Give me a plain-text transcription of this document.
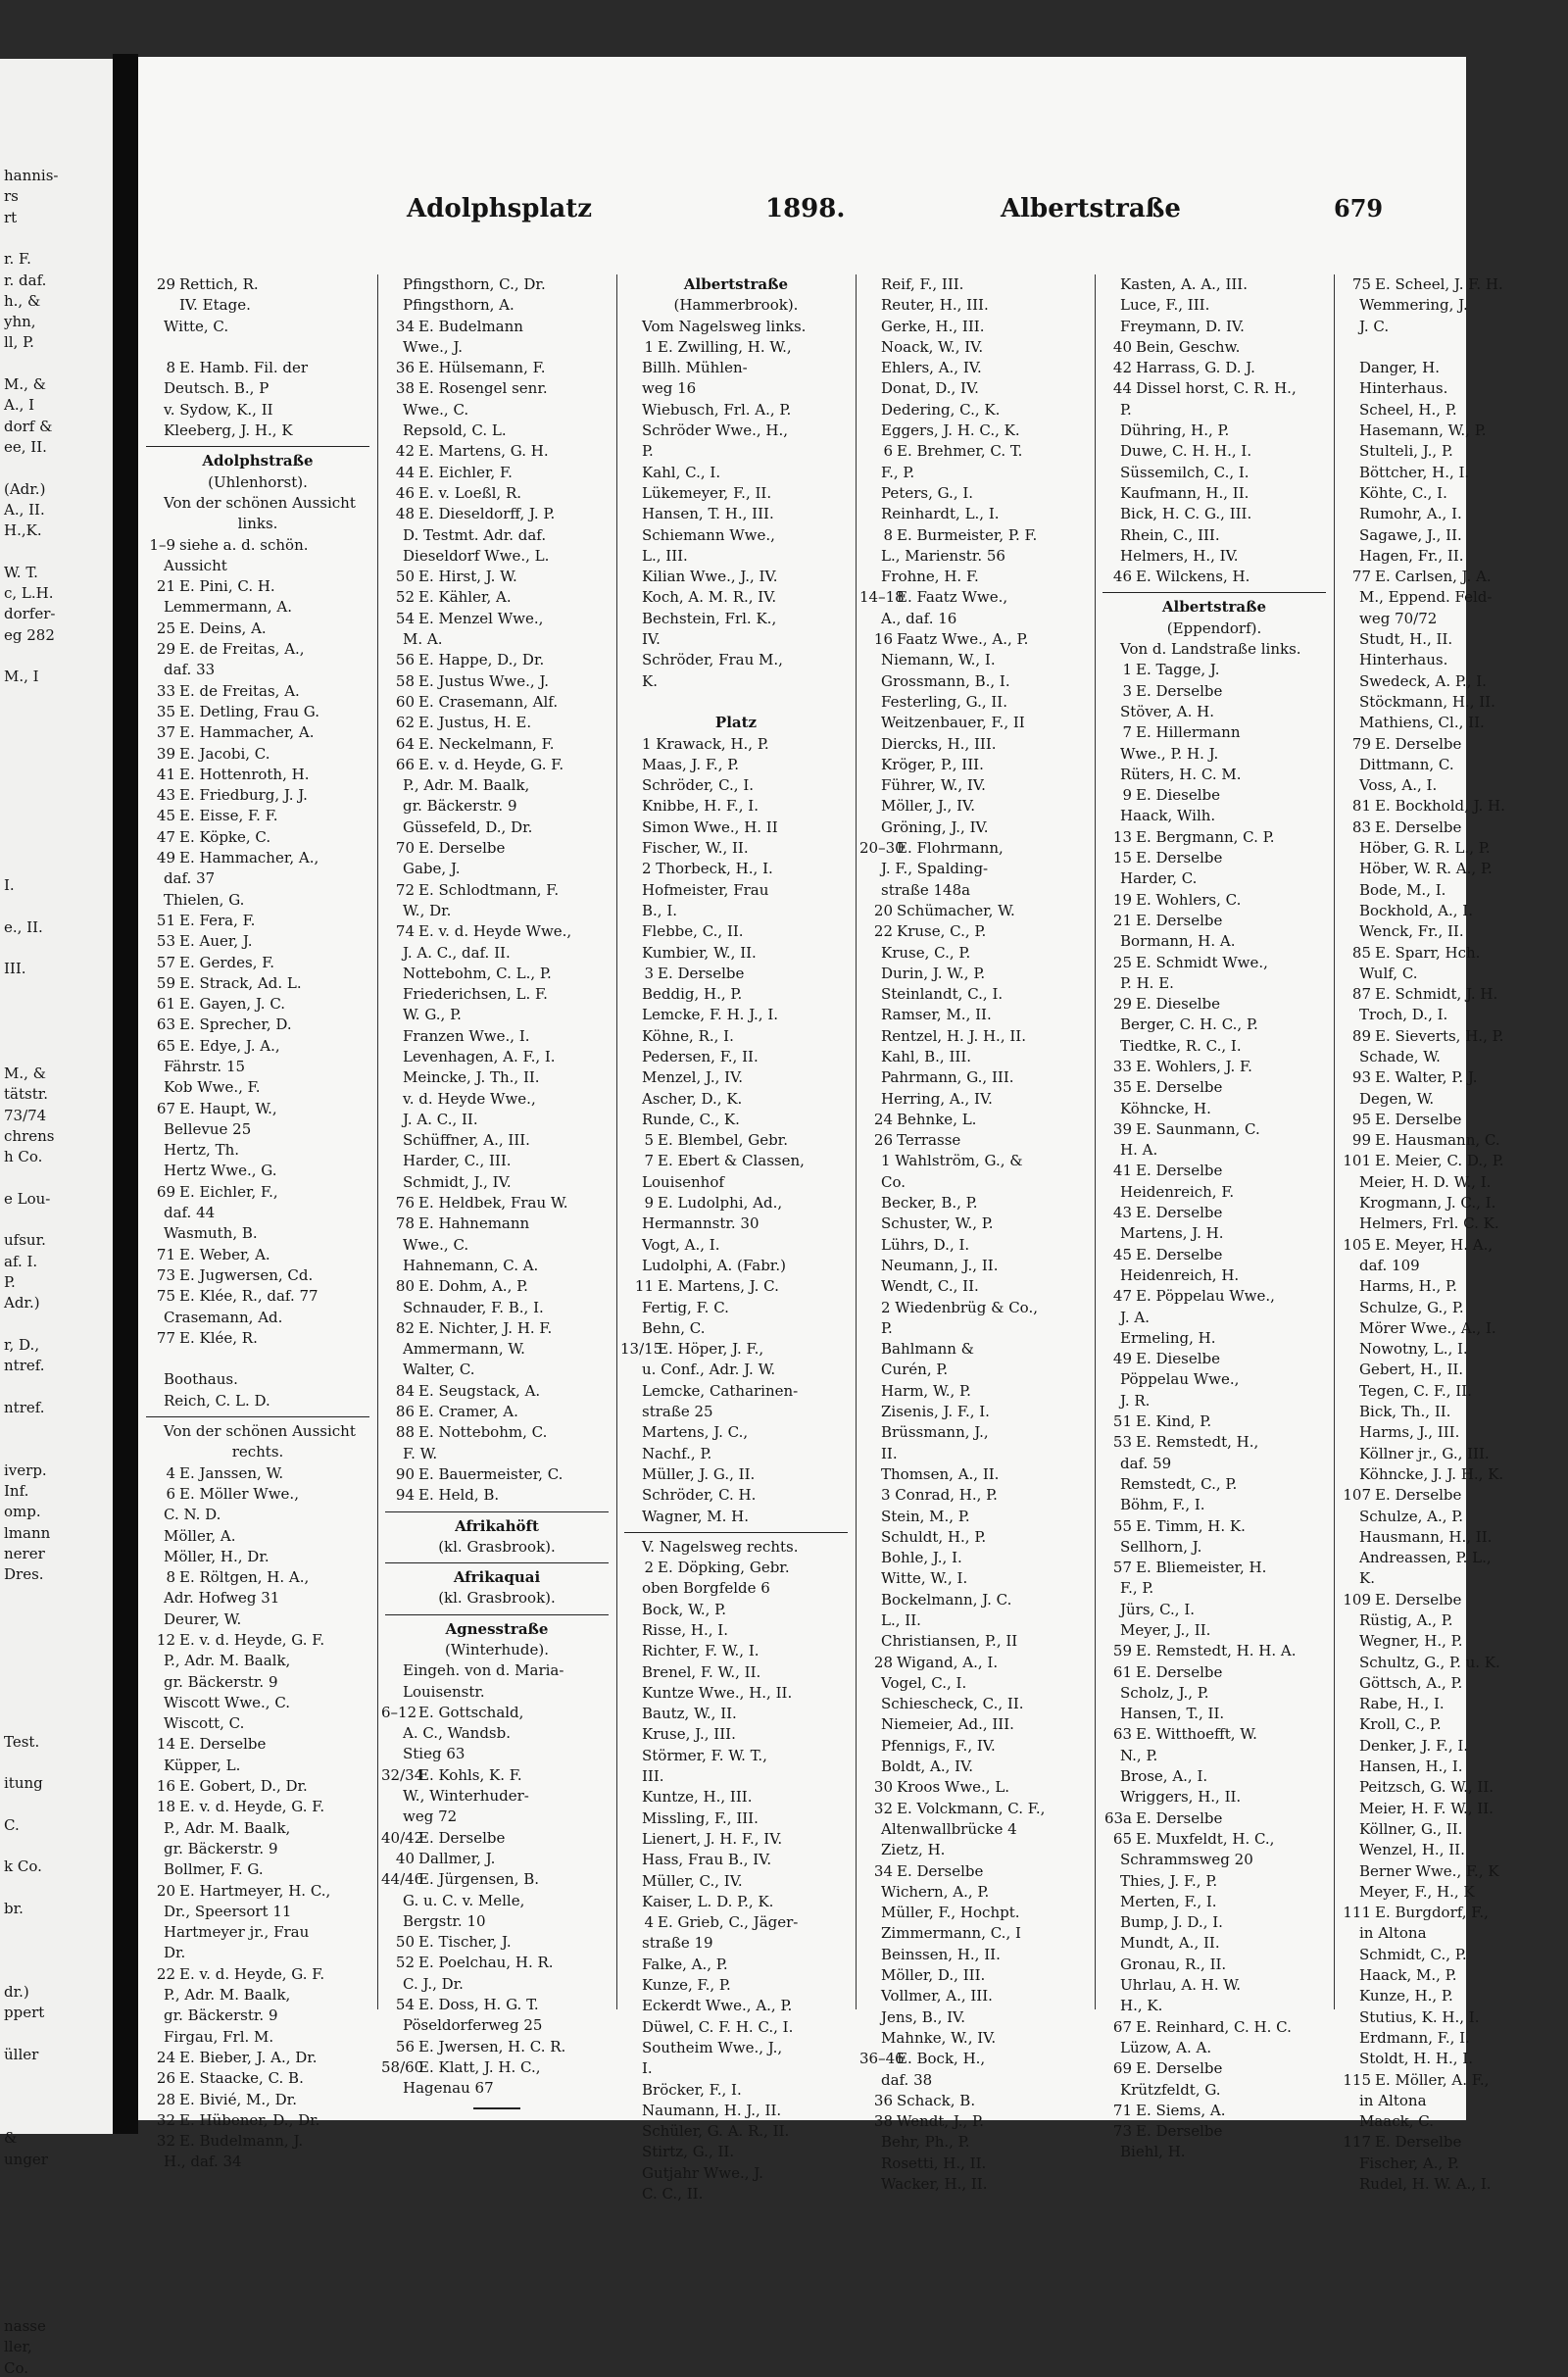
hannis-
rs
rt
r. F.
r. daf.
h., &
yhn,
ll, P.
M., &
A., I
dorf &
ee, II.
(Adr.)
A., II.
H.,K.
W. T.
c, L.H.
dorfer-
eg 282
M., I
I.
e., II.
III.
M., &
tätstr.
73/74
chrens
h Co.
e Lou-
ufsur.
af. I.
P.
Adr.)
r, D.,
ntref.
ntref.
iverp.
Inf.
omp.
lmann
nerer
Dres.
Test.
itung
C.
k Co.
br.
dr.)
ppert
üller
&
unger
nasse
ller,
Co.
Adolphsplatz	1898.	Albertstraße	679
29 Rettich, R.
IV. Etage.
Witte, C.
8 E. Hamb. Fil. der
Deutsch. B., P
v. Sydow, K., II
Kleeberg, J. H., K
Adolphstraße
(Uhlenhorst).
Von der schönen Aussicht
links.
1–9 siehe a. d. schön.
Aussicht
21 E. Pini, C. H.
Lemmermann, A.
25 E. Deins, A.
29 E. de Freitas, A.,
daf. 33
33 E. de Freitas, A.
35 E. Detling, Frau G.
37 E. Hammacher, A.
39 E. Jacobi, C.
41 E. Hottenroth, H.
43 E. Friedburg, J. J.
45 E. Eisse, F. F.
47 E. Köpke, C.
49 E. Hammacher, A.,
daf. 37
Thielen, G.
51 E. Fera, F.
53 E. Auer, J.
57 E. Gerdes, F.
59 E. Strack, Ad. L.
61 E. Gayen, J. C.
63 E. Sprecher, D.
65 E. Edye, J. A.,
Fährstr. 15
Kob Wwe., F.
67 E. Haupt, W.,
Bellevue 25
Hertz, Th.
Hertz Wwe., G.
69 E. Eichler, F.,
daf. 44
Wasmuth, B.
71 E. Weber, A.
73 E. Jugwersen, Cd.
75 E. Klée, R., daf. 77
Crasemann, Ad.
77 E. Klée, R.
Boothaus.
Reich, C. L. D.
Von der schönen Aussicht
rechts.
4 E. Janssen, W.
6 E. Möller Wwe.,
C. N. D.
Möller, A.
Möller, H., Dr.
8 E. Röltgen, H. A.,
Adr. Hofweg 31
Deurer, W.
12 E. v. d. Heyde, G. F.
P., Adr. M. Baalk,
gr. Bäckerstr. 9
Wiscott Wwe., C.
Wiscott, C.
14 E. Derselbe
Küpper, L.
16 E. Gobert, D., Dr.
18 E. v. d. Heyde, G. F.
P., Adr. M. Baalk,
gr. Bäckerstr. 9
Bollmer, F. G.
20 E. Hartmeyer, H. C.,
Dr., Speersort 11
Hartmeyer jr., Frau
Dr.
22 E. v. d. Heyde, G. F.
P., Adr. M. Baalk,
gr. Bäckerstr. 9
Firgau, Frl. M.
24 E. Bieber, J. A., Dr.
26 E. Staacke, C. B.
28 E. Bivié, M., Dr.
32 E. Hübener, D., Dr.
32 E. Budelmann, J.
H., daf. 34
Pfingsthorn, C., Dr.
Pfingsthorn, A.
34 E. Budelmann
Wwe., J.
36 E. Hülsemann, F.
38 E. Rosengel senr.
Wwe., C.
Repsold, C. L.
42 E. Martens, G. H.
44 E. Eichler, F.
46 E. v. Loeßl, R.
48 E. Dieseldorff, J. P.
D. Testmt. Adr. daf.
Dieseldorf Wwe., L.
50 E. Hirst, J. W.
52 E. Kähler, A.
54 E. Menzel Wwe.,
M. A.
56 E. Happe, D., Dr.
58 E. Justus Wwe., J.
60 E. Crasemann, Alf.
62 E. Justus, H. E.
64 E. Neckelmann, F.
66 E. v. d. Heyde, G. F.
P., Adr. M. Baalk,
gr. Bäckerstr. 9
Güssefeld, D., Dr.
70 E. Derselbe
Gabe, J.
72 E. Schlodtmann, F.
W., Dr.
74 E. v. d. Heyde Wwe.,
J. A. C., daf. II.
Nottebohm, C. L., P.
Friederichsen, L. F.
W. G., P.
Franzen Wwe., I.
Levenhagen, A. F., I.
Meincke, J. Th., II.
v. d. Heyde Wwe.,
J. A. C., II.
Schüffner, A., III.
Harder, C., III.
Schmidt, J., IV.
76 E. Heldbek, Frau W.
78 E. Hahnemann
Wwe., C.
Hahnemann, C. A.
80 E. Dohm, A., P.
Schnauder, F. B., I.
82 E. Nichter, J. H. F.
Ammermann, W.
Walter, C.
84 E. Seugstack, A.
86 E. Cramer, A.
88 E. Nottebohm, C.
F. W.
90 E. Bauermeister, C.
94 E. Held, B.
Afrikahöft
(kl. Grasbrook).
Afrikaquai
(kl. Grasbrook).
Agnesstraße
(Winterhude).
Eingeh. von d. Maria-
Louisenstr.
6–12 E. Gottschald,
A. C., Wandsb.
Stieg 63
32/34E. Kohls, K. F.
W., Winterhuder-
weg 72
40/42E. Derselbe
40 Dallmer, J.
44/46E. Jürgensen, B.
G. u. C. v. Melle,
Bergstr. 10
50 E. Tischer, J.
52 E. Poelchau, H. R.
C. J., Dr.
54 E. Doss, H. G. T.
Pöseldorferweg 25
56 E. Jwersen, H. C. R.
58/60E. Klatt, J. H. C.,
Hagenau 67
Albertstraße
(Hammerbrook).
Vom Nagelsweg links.
1 E. Zwilling, H. W.,
Billh. Mühlen-
weg 16
Wiebusch, Frl. A., P.
Schröder Wwe., H.,
P.
Kahl, C., I.
Lükemeyer, F., II.
Hansen, T. H., III.
Schiemann Wwe.,
L., III.
Kilian Wwe., J., IV.
Koch, A. M. R., IV.
Bechstein, Frl. K.,
IV.
Schröder, Frau M.,
K.
Platz
1 Krawack, H., P.
Maas, J. F., P.
Schröder, C., I.
Knibbe, H. F., I.
Simon Wwe., H. II
Fischer, W., II.
2 Thorbeck, H., I.
Hofmeister, Frau
B., I.
Flebbe, C., II.
Kumbier, W., II.
3 E. Derselbe
Beddig, H., P.
Lemcke, F. H. J., I.
Köhne, R., I.
Pedersen, F., II.
Menzel, J., IV.
Ascher, D., K.
Runde, C., K.
5 E. Blembel, Gebr.
7 E. Ebert & Classen,
Louisenhof
9 E. Ludolphi, Ad.,
Hermannstr. 30
Vogt, A., I.
Ludolphi, A. (Fabr.)
11 E. Martens, J. C.
Fertig, F. C.
Behn, C.
13/15E. Höper, J. F.,
u. Conf., Adr. J. W.
Lemcke, Catharinen-
straße 25
Martens, J. C.,
Nachf., P.
Müller, J. G., II.
Schröder, C. H.
Wagner, M. H.
V. Nagelsweg rechts.
2 E. Döpking, Gebr.
oben Borgfelde 6
Bock, W., P.
Risse, H., I.
Richter, F. W., I.
Brenel, F. W., II.
Kuntze Wwe., H., II.
Bautz, W., II.
Kruse, J., III.
Störmer, F. W. T.,
III.
Kuntze, H., III.
Missling, F., III.
Lienert, J. H. F., IV.
Hass, Frau B., IV.
Müller, C., IV.
Kaiser, L. D. P., K.
4 E. Grieb, C., Jäger-
straße 19
Falke, A., P.
Kunze, F., P.
Eckerdt Wwe., A., P.
Düwel, C. F. H. C., I.
Southeim Wwe., J.,
I.
Bröcker, F., I.
Naumann, H. J., II.
Schüler, G. A. R., II.
Stirtz, G., II.
Gutjahr Wwe., J.
C. C., II.
Reif, F., III.
Reuter, H., III.
Gerke, H., III.
Noack, W., IV.
Ehlers, A., IV.
Donat, D., IV.
Dedering, C., K.
Eggers, J. H. C., K.
6 E. Brehmer, C. T.
F., P.
Peters, G., I.
Reinhardt, L., I.
8 E. Burmeister, P. F.
L., Marienstr. 56
Frohne, H. F.
14–18E. Faatz Wwe.,
A., daf. 16
16 Faatz Wwe., A., P.
Niemann, W., I.
Grossmann, B., I.
Festerling, G., II.
Weitzenbauer, F., II
Diercks, H., III.
Kröger, P., III.
Führer, W., IV.
Möller, J., IV.
Gröning, J., IV.
20–30E. Flohrmann,
J. F., Spalding-
straße 148a
20 Schümacher, W.
22 Kruse, C., P.
Kruse, C., P.
Durin, J. W., P.
Steinlandt, C., I.
Ramser, M., II.
Rentzel, H. J. H., II.
Kahl, B., III.
Pahrmann, G., III.
Herring, A., IV.
24 Behnke, L.
26 Terrasse
1 Wahlström, G., &
Co.
Becker, B., P.
Schuster, W., P.
Lührs, D., I.
Neumann, J., II.
Wendt, C., II.
2 Wiedenbrüg & Co.,
P.
Bahlmann &
Curén, P.
Harm, W., P.
Zisenis, J. F., I.
Brüssmann, J.,
II.
Thomsen, A., II.
3 Conrad, H., P.
Stein, M., P.
Schuldt, H., P.
Bohle, J., I.
Witte, W., I.
Bockelmann, J. C.
L., II.
Christiansen, P., II
28 Wigand, A., I.
Vogel, C., I.
Schiescheck, C., II.
Niemeier, Ad., III.
Pfennigs, F., IV.
Boldt, A., IV.
30 Kroos Wwe., L.
32 E. Volckmann, C. F.,
Altenwallbrücke 4
Zietz, H.
34 E. Derselbe
Wichern, A., P.
Müller, F., Hochpt.
Zimmermann, C., I
Beinssen, H., II.
Möller, D., III.
Vollmer, A., III.
Jens, B., IV.
Mahnke, W., IV.
36–46E. Bock, H.,
daf. 38
36 Schack, B.
38 Wendt, J., P.
Behr, Ph., P.
Rosetti, H., II.
Wacker, H., II.
Kasten, A. A., III.
Luce, F., III.
Freymann, D. IV.
40 Bein, Geschw.
42 Harrass, G. D. J.
44 Dissel horst, C. R. H.,
P.
Dühring, H., P.
Duwe, C. H. H., I.
Süssemilch, C., I.
Kaufmann, H., II.
Bick, H. C. G., III.
Rhein, C., III.
Helmers, H., IV.
46 E. Wilckens, H.
Albertstraße
(Eppendorf).
Von d. Landstraße links.
1 E. Tagge, J.
3 E. Derselbe
Stöver, A. H.
7 E. Hillermann
Wwe., P. H. J.
Rüters, H. C. M.
9 E. Dieselbe
Haack, Wilh.
13 E. Bergmann, C. P.
15 E. Derselbe
Harder, C.
19 E. Wohlers, C.
21 E. Derselbe
Bormann, H. A.
25 E. Schmidt Wwe.,
P. H. E.
29 E. Dieselbe
Berger, C. H. C., P.
Tiedtke, R. C., I.
33 E. Wohlers, J. F.
35 E. Derselbe
Köhncke, H.
39 E. Saunmann, C.
H. A.
41 E. Derselbe
Heidenreich, F.
43 E. Derselbe
Martens, J. H.
45 E. Derselbe
Heidenreich, H.
47 E. Pöppelau Wwe.,
J. A.
Ermeling, H.
49 E. Dieselbe
Pöppelau Wwe.,
J. R.
51 E. Kind, P.
53 E. Remstedt, H.,
daf. 59
Remstedt, C., P.
Böhm, F., I.
55 E. Timm, H. K.
Sellhorn, J.
57 E. Bliemeister, H.
F., P.
Jürs, C., I.
Meyer, J., II.
59 E. Remstedt, H. H. A.
61 E. Derselbe
Scholz, J., P.
Hansen, T., II.
63 E. Witthoefft, W.
N., P.
Brose, A., I.
Wriggers, H., II.
63a E. Derselbe
65 E. Muxfeldt, H. C.,
Schrammsweg 20
Thies, J. F., P.
Merten, F., I.
Bump, J. D., I.
Mundt, A., II.
Gronau, R., II.
Uhrlau, A. H. W.
H., K.
67 E. Reinhard, C. H. C.
Lüzow, A. A.
69 E. Derselbe
Krützfeldt, G.
71 E. Siems, A.
73 E. Derselbe
Biehl, H.
75 E. Scheel, J. F. H.
Wemmering, J.
J. C.
Danger, H.
Hinterhaus.
Scheel, H., P.
Hasemann, W., P.
Stulteli, J., P.
Böttcher, H., I.
Köhte, C., I.
Rumohr, A., I.
Sagawe, J., II.
Hagen, Fr., II.
77 E. Carlsen, J. A.
M., Eppend. Feld-
weg 70/72
Studt, H., II.
Hinterhaus.
Swedeck, A. P., I.
Stöckmann, H., II.
Mathiens, Cl., II.
79 E. Derselbe
Dittmann, C.
Voss, A., I.
81 E. Bockhold, J. H.
83 E. Derselbe
Höber, G. R. L., P.
Höber, W. R. A., P.
Bode, M., I.
Bockhold, A., I.
Wenck, Fr., II.
85 E. Sparr, Hch.
Wulf, C.
87 E. Schmidt, J. H.
Troch, D., I.
89 E. Sieverts, H., P.
Schade, W.
93 E. Walter, P. J.
Degen, W.
95 E. Derselbe
99 E. Hausmann, C.
101 E. Meier, C. D., P.
Meier, H. D. W., I.
Krogmann, J. C., I.
Helmers, Frl. C. K.
105 E. Meyer, H. A.,
daf. 109
Harms, H., P.
Schulze, G., P.
Mörer Wwe., A., I.
Nowotny, L., I.
Gebert, H., II.
Tegen, C. F., II.
Bick, Th., II.
Harms, J., III.
Köllner jr., G., III.
Köhncke, J. J. H., K.
107 E. Derselbe
Schulze, A., P.
Hausmann, H., II.
Andreassen, P. L.,
K.
109 E. Derselbe
Rüstig, A., P.
Wegner, H., P.
Schultz, G., P. u. K.
Göttsch, A., P.
Rabe, H., I.
Kroll, C., P.
Denker, J. F., I.
Hansen, H., I.
Peitzsch, G. W., II.
Meier, H. F. W., II.
Köllner, G., II.
Wenzel, H., II.
Berner Wwe., F., K
Meyer, F., H., K
111 E. Burgdorf, F.,
in Altona
Schmidt, C., P.
Haack, M., P.
Kunze, H., P.
Stutius, K. H., I.
Erdmann, F., I.
Stoldt, H. H., I.
115 E. Möller, A. F.,
in Altona
Maack, C.
117 E. Derselbe
Fischer, A., P.
Rudel, H. W. A., I.
